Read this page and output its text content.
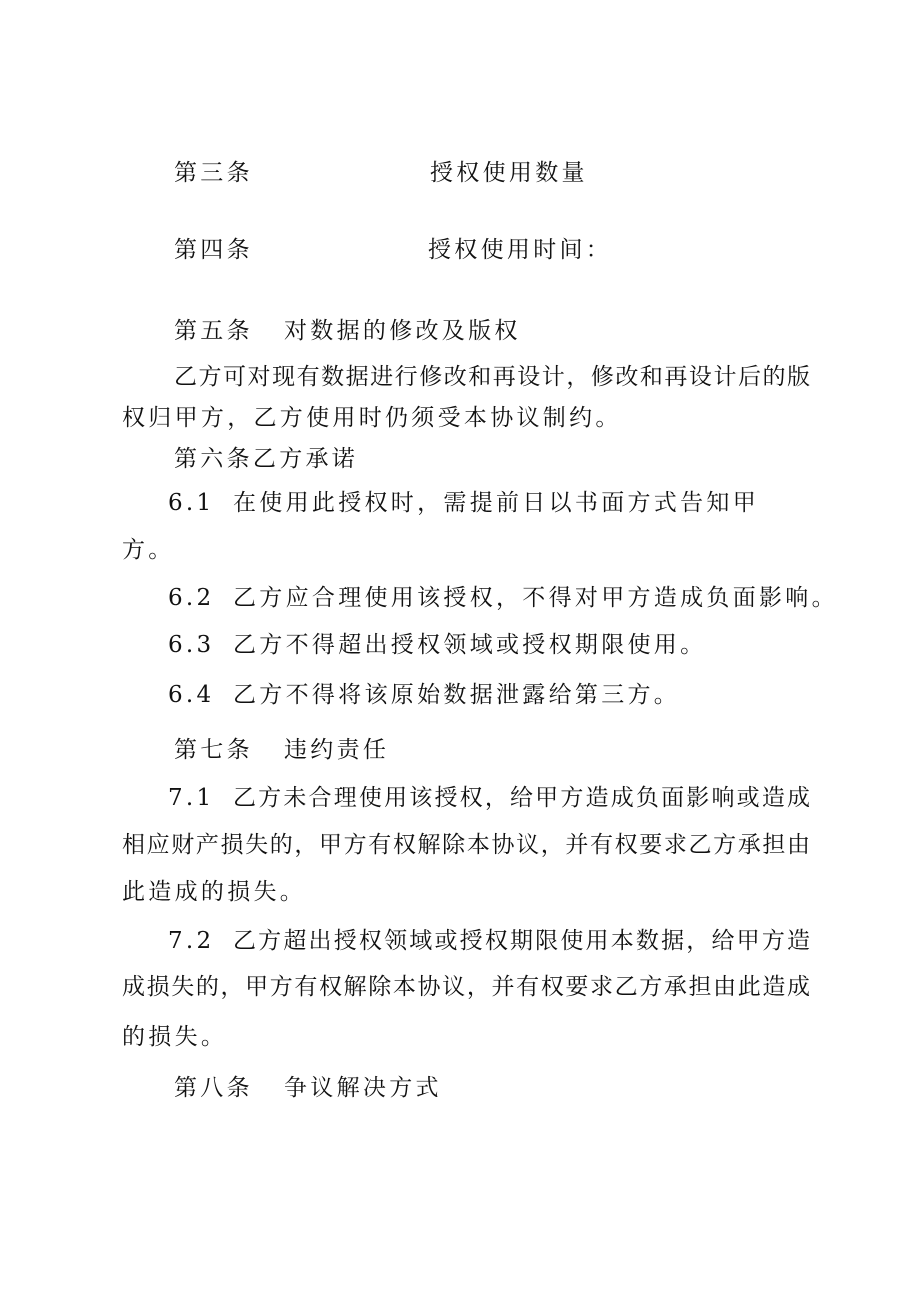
第三条	授权使用数量
第四条	授权使用时间：
第五条 对数据的修改及版权
乙方可对现有数据进行修改和再设计，修改和再设计后的版
权归甲方，乙方使用时仍须受本协议制约。
第六条乙方承诺
6.1 在使用此授权时，需提前日以书面方式告知甲
方。
6.2 乙方应合理使用该授权，不得对甲方造成负面影响。
6.3 乙方不得超出授权领域或授权期限使用。
6.4 乙方不得将该原始数据泄露给第三方。
第七条 违约责任
7.1 乙方未合理使用该授权，给甲方造成负面影响或造成
相应财产损失的，甲方有权解除本协议，并有权要求乙方承担由
此造成的损失。
7.2 乙方超出授权领域或授权期限使用本数据，给甲方造
成损失的，甲方有权解除本协议，并有权要求乙方承担由此造成
的损失。
第八条 争议解决方式
